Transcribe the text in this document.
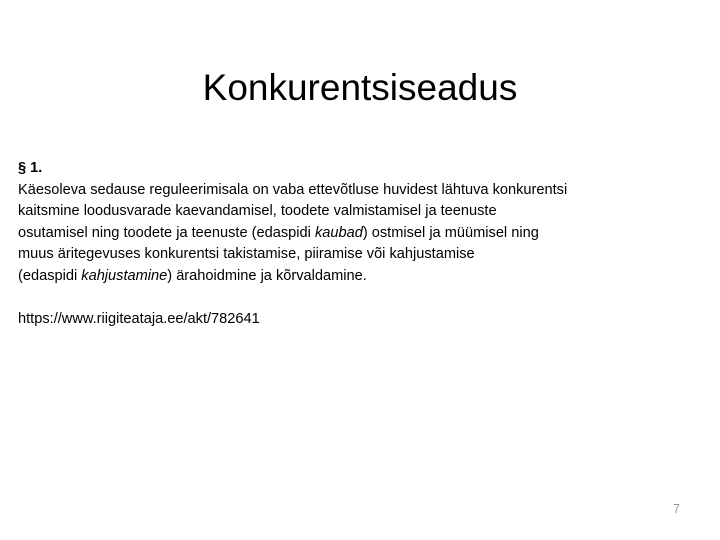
Konkurentsiseadus

§ 1.

Käesoleva sedause reguleerimisala on vaba ettevõtluse huvidest lähtuva konkurentsi
kaitsmine loodusvarade kaevandamisel, toodete valmistamisel ja teenuste
osutamisel ning toodete ja teenuste (edaspidi kaubad) ostmisel ja müümisel ning
muus äritegevuses konkurentsi takistamise, piiramise või kahjustamise
(edaspidi kahjustamine) ärahoidmine ja kõrvaldamine.

https://www.riigiteataja.ee/akt/782641

7
